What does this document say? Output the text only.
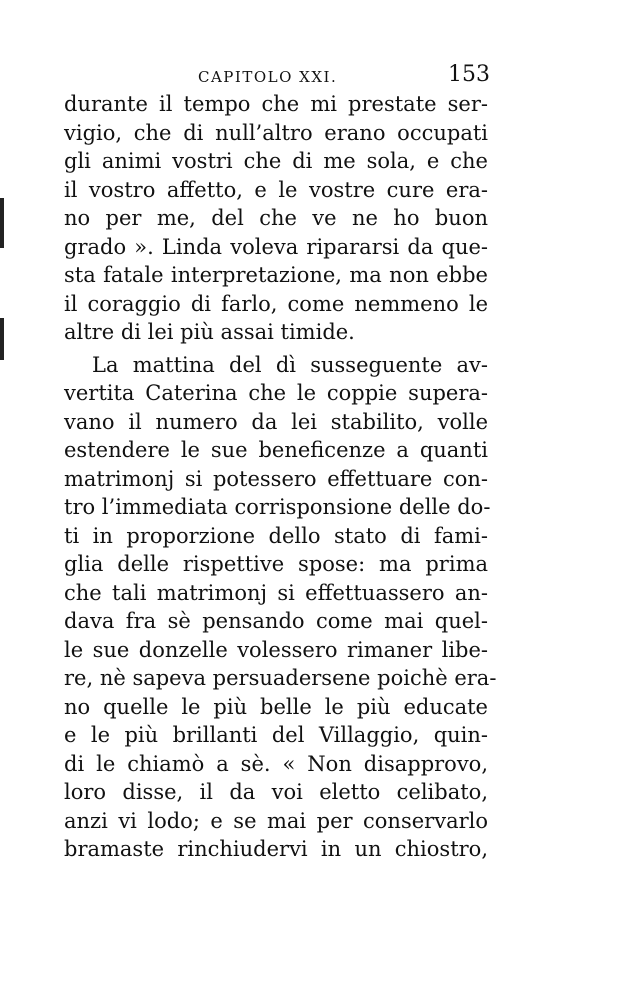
CAPITOLO XXI.	153
durante il tempo che mi prestate ser-
vigio, che di null’altro erano occupati
gli animi vostri che di me sola, e che
il vostro affetto, e le vostre cure era-
no per me, del che ve ne ho buon
grado ». Linda voleva ripararsi da que-
sta fatale interpretazione, ma non ebbe
il coraggio di farlo, come nemmeno le
altre di lei più assai timide.
La mattina del dì susseguente av-
vertita Caterina che le coppie supera-
vano il numero da lei stabilito, volle
estendere le sue beneficenze a quanti
matrimonj si potessero effettuare con-
tro l’immediata corrisponsione delle do-
ti in proporzione dello stato di fami-
glia delle rispettive spose: ma prima
che tali matrimonj si effettuassero an-
dava fra sè pensando come mai quel-
le sue donzelle volessero rimaner libe-
re, nè sapeva persuadersene poichè era-
no quelle le più belle le più educate
e le più brillanti del Villaggio, quin-
di le chiamò a sè. « Non disapprovo,
loro disse, il da voi eletto celibato,
anzi vi lodo; e se mai per conservarlo
bramaste rinchiudervi in un chiostro,
